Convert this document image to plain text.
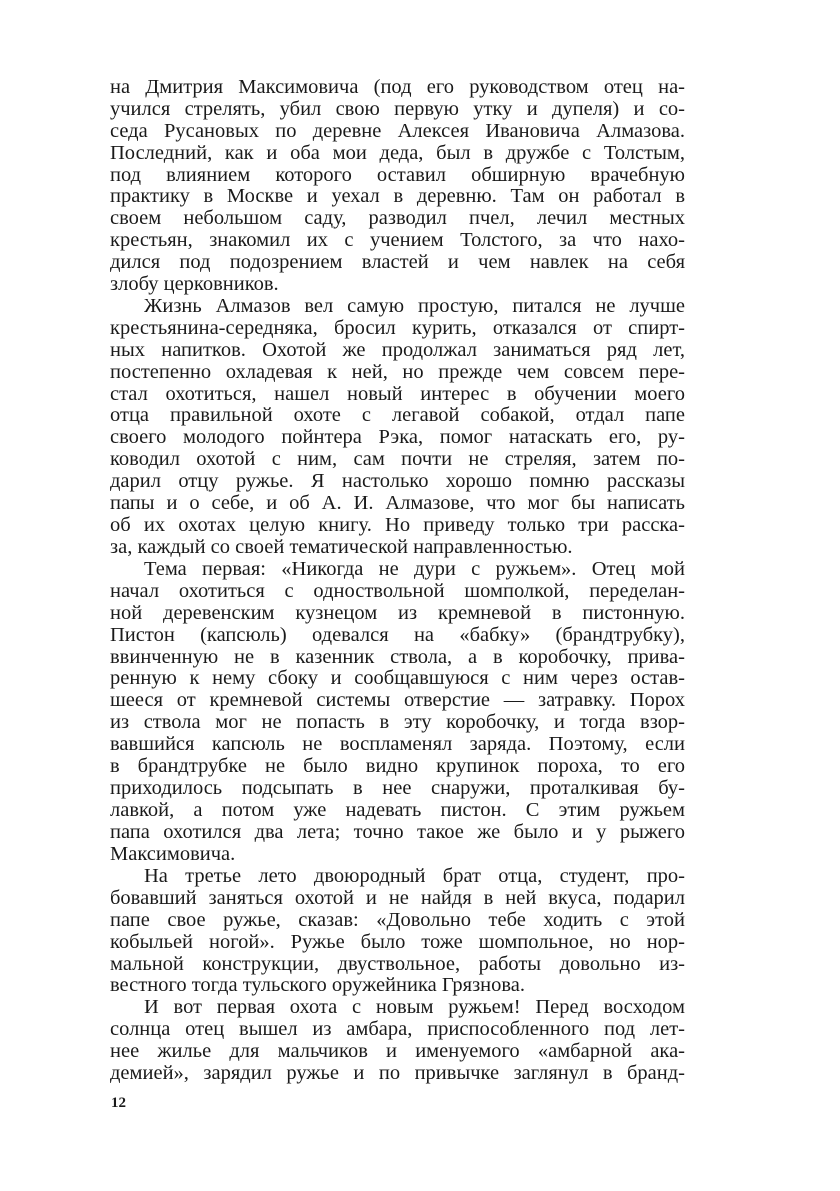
на Дмитрия Максимовича (под его руководством отец на-
учился стрелять, убил свою первую утку и дупеля) и со-
седа Русановых по деревне Алексея Ивановича Алмазова.
Последний, как и оба мои деда, был в дружбе с Толстым,
под влиянием которого оставил обширную врачебную
практику в Москве и уехал в деревню. Там он работал в
своем небольшом саду, разводил пчел, лечил местных
крестьян, знакомил их с учением Толстого, за что нахо-
дился под подозрением властей и чем навлек на себя
злобу церковников.
Жизнь Алмазов вел самую простую, питался не лучше
крестьянина-середняка, бросил курить, отказался от спирт-
ных напитков. Охотой же продолжал заниматься ряд лет,
постепенно охладевая к ней, но прежде чем совсем пере-
стал охотиться, нашел новый интерес в обучении моего
отца правильной охоте с легавой собакой, отдал папе
своего молодого пойнтера Рэка, помог натаскать его, ру-
ководил охотой с ним, сам почти не стреляя, затем по-
дарил отцу ружье. Я настолько хорошо помню рассказы
папы и о себе, и об А. И. Алмазове, что мог бы написать
об их охотах целую книгу. Но приведу только три расска-
за, каждый со своей тематической направленностью.
Тема первая: «Никогда не дури с ружьем». Отец мой
начал охотиться с одноствольной шомполкой, переделан-
ной деревенским кузнецом из кремневой в пистонную.
Пистон (капсюль) одевался на «бабку» (брандтрубку),
ввинченную не в казенник ствола, а в коробочку, прива-
ренную к нему сбоку и сообщавшуюся с ним через остав-
шееся от кремневой системы отверстие — затравку. Порох
из ствола мог не попасть в эту коробочку, и тогда взор-
вавшийся капсюль не воспламенял заряда. Поэтому, если
в брандтрубке не было видно крупинок пороха, то его
приходилось подсыпать в нее снаружи, проталкивая бу-
лавкой, а потом уже надевать пистон. С этим ружьем
папа охотился два лета; точно такое же было и у рыжего
Максимовича.
На третье лето двоюродный брат отца, студент, про-
бовавший заняться охотой и не найдя в ней вкуса, подарил
папе свое ружье, сказав: «Довольно тебе ходить с этой
кобыльей ногой». Ружье было тоже шомпольное, но нор-
мальной конструкции, двуствольное, работы довольно из-
вестного тогда тульского оружейника Грязнова.
И вот первая охота с новым ружьем! Перед восходом
солнца отец вышел из амбара, приспособленного под лет-
нее жилье для мальчиков и именуемого «амбарной ака-
демией», зарядил ружье и по привычке заглянул в бранд-
12
